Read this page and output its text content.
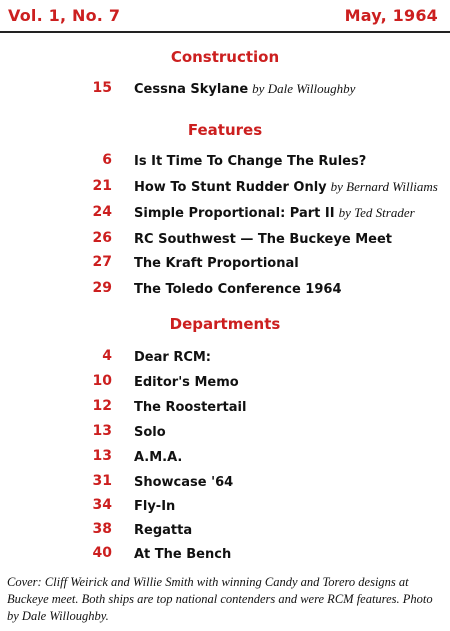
Vol. 1, No. 7	May, 1964
Construction
15 Cessna Skylane by Dale Willoughby
Features
6 Is It Time To Change The Rules?
21 How To Stunt Rudder Only by Bernard Williams
24 Simple Proportional: Part II by Ted Strader
26 RC Southwest — The Buckeye Meet
27 The Kraft Proportional
29 The Toledo Conference 1964
Departments
4 Dear RCM:
10 Editor's Memo
12 The Roostertail
13 Solo
13 A.M.A.
31 Showcase '64
34 Fly-In
38 Regatta
40 At The Bench
Cover: Cliff Weirick and Willie Smith with winning Candy and Torero designs at Buckeye meet. Both ships are top national contenders and were RCM features. Photo by Dale Willoughby.
